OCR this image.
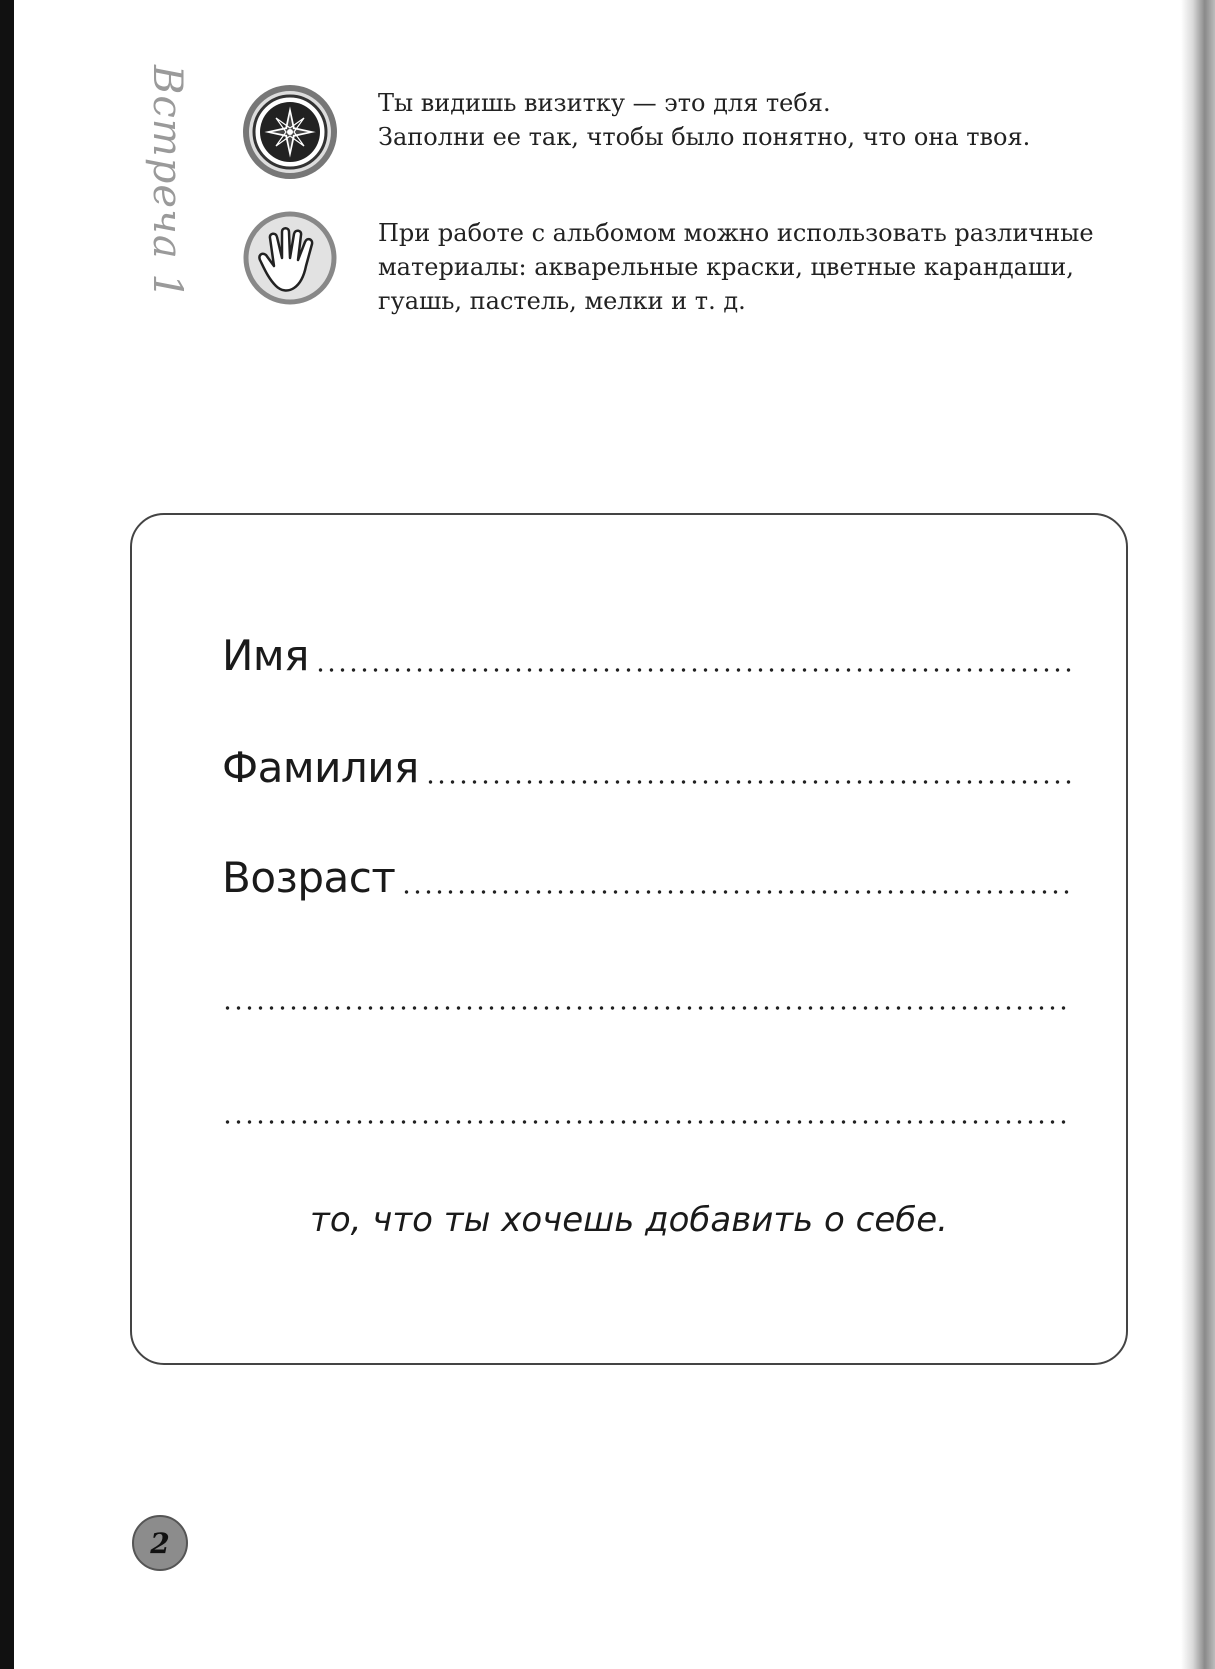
Встреча 1	Ты видишь визитку — это для тебя.
Заполни ее так, чтобы было понятно, что она твоя.
При работе с альбомом можно использовать различные
материалы: акварельные краски, цветные карандаши,
гуашь, пастель, мелки и т. д.
Имя
Фамилия
Возраст
то, что ты хочешь добавить о себе.
2
